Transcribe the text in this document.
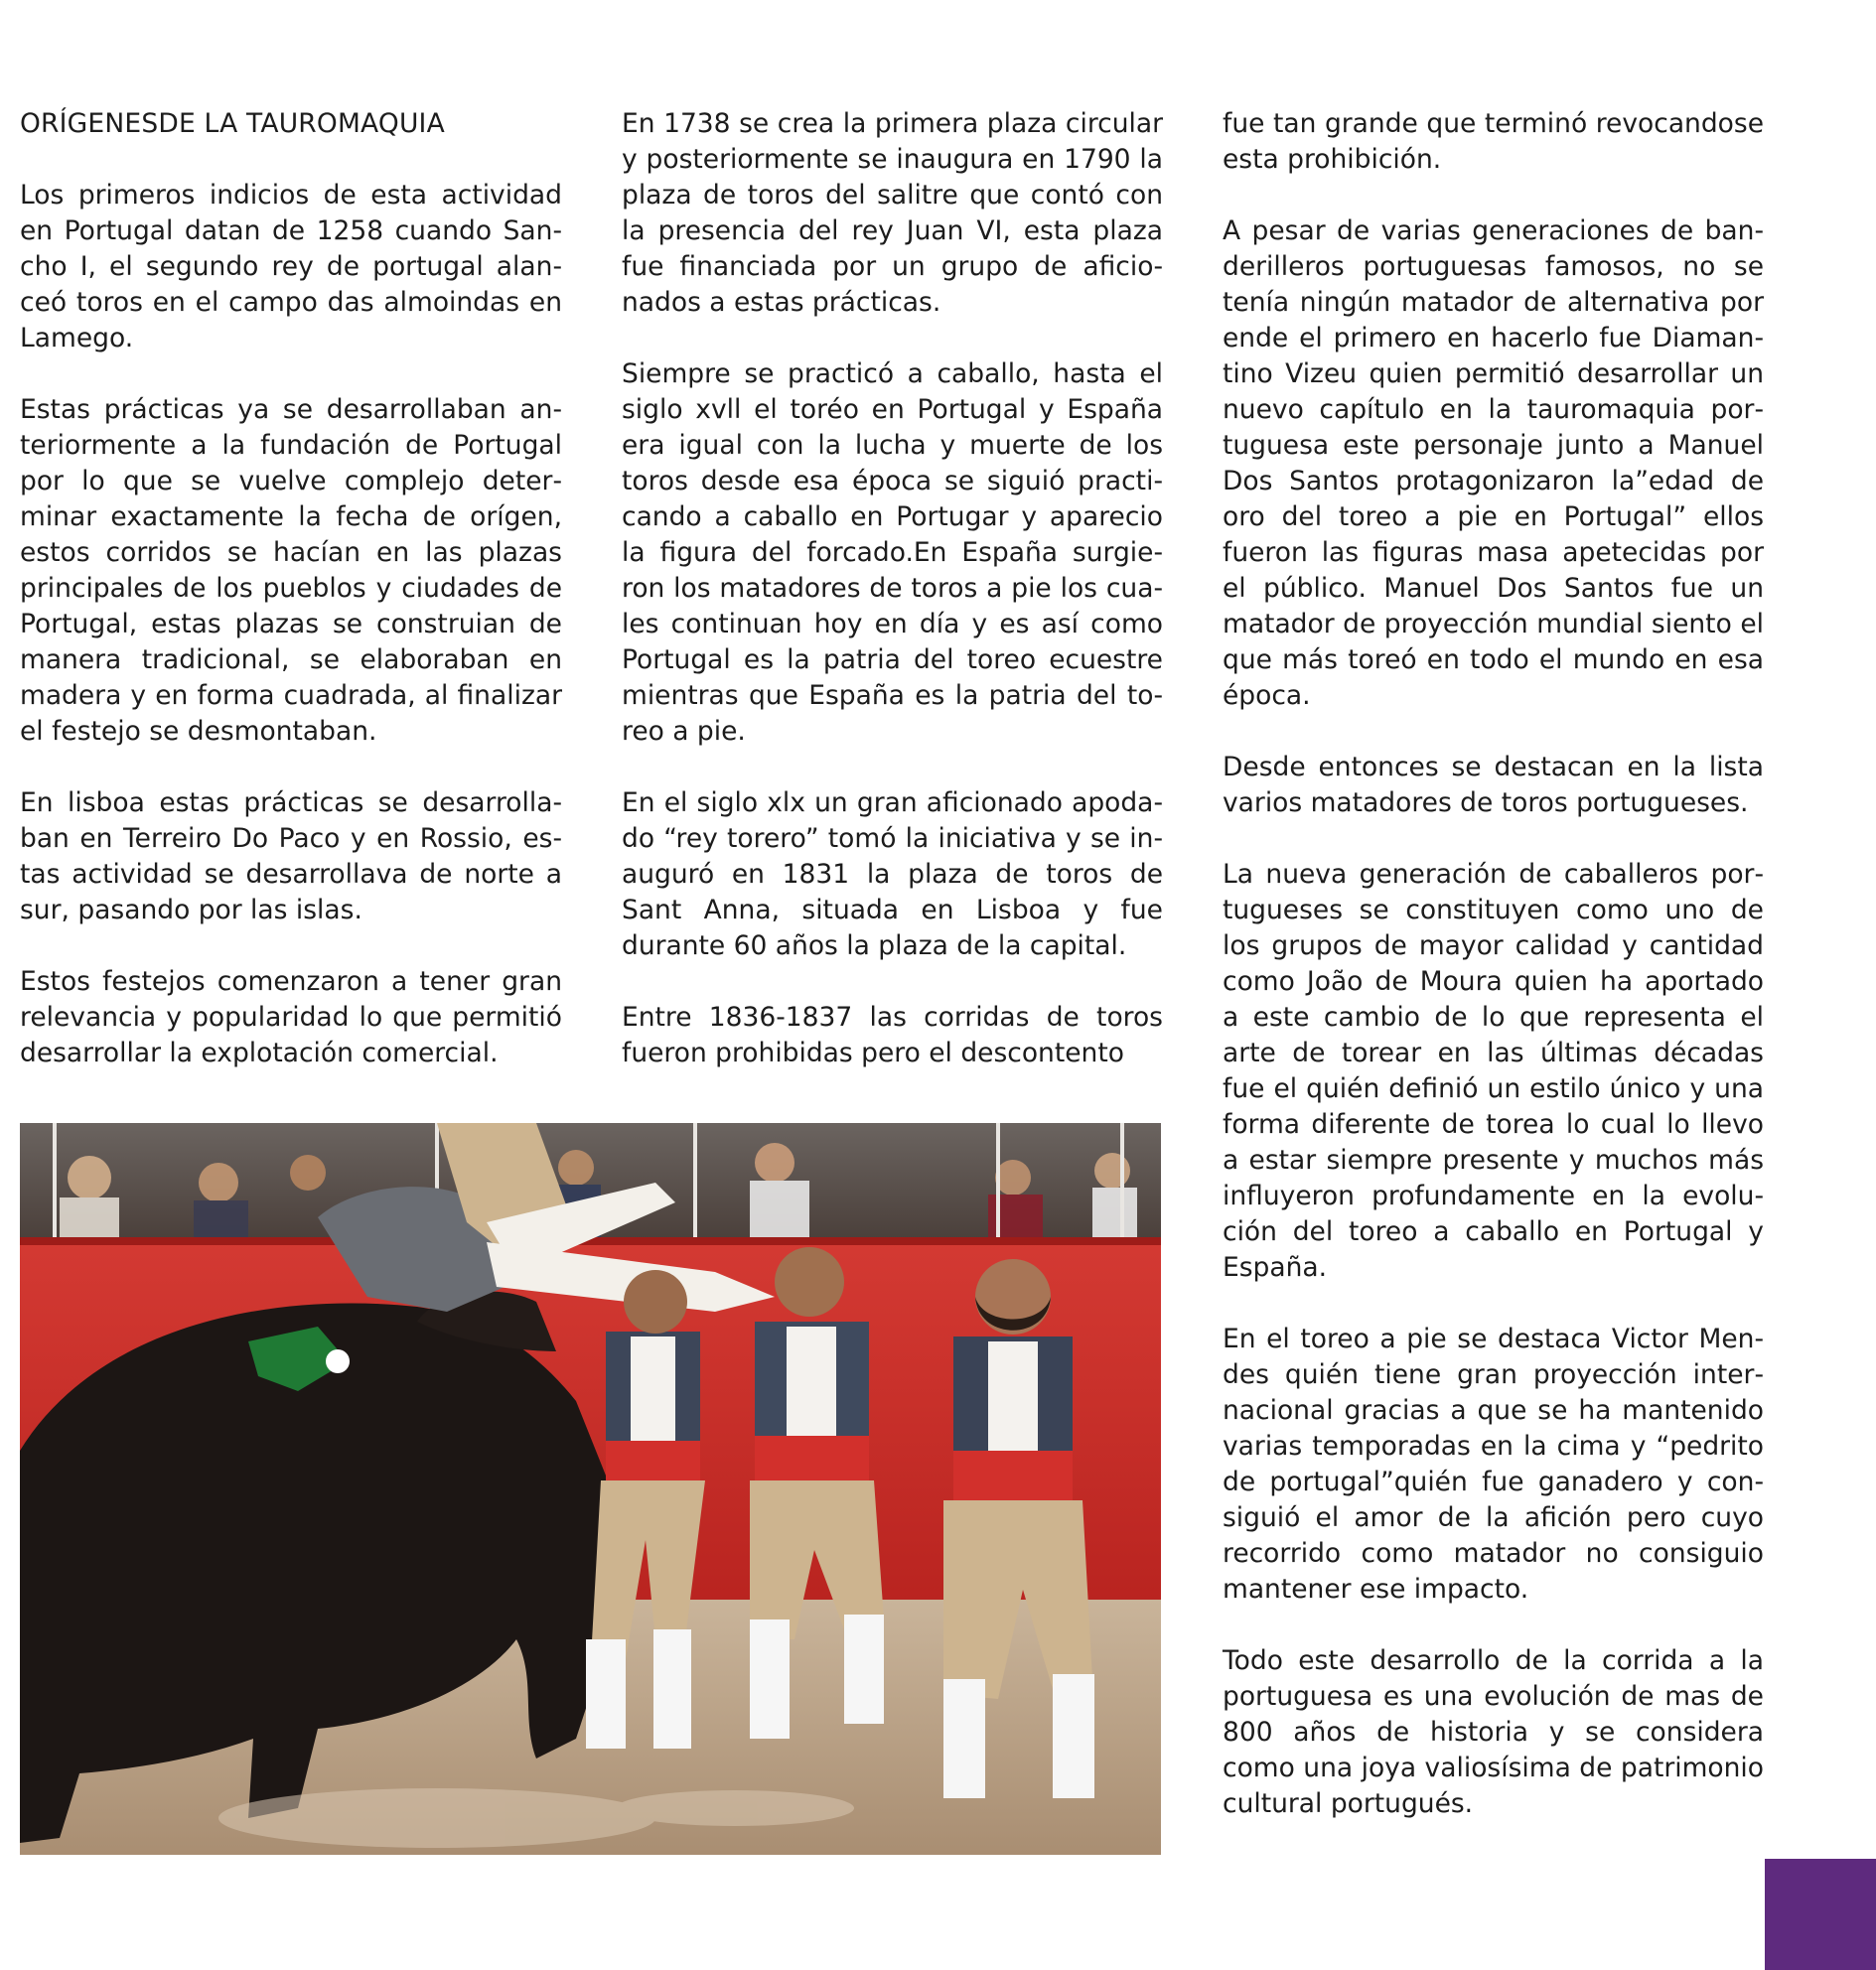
ORÍGENESDE LA TAUROMAQUIA

Los primeros indicios de esta actividad en Portugal datan de 1258 cuando Sancho I, el segundo rey de portugal alanceó toros en el campo das almoindas en Lamego.

Estas prácticas ya se desarrollaban anteriormente a la fundación de Portugal por lo que se vuelve complejo determinar exactamente la fecha de orígen, estos corridos se hacían en las plazas principales de los pueblos y ciudades de Portugal, estas plazas se construian de manera tradicional, se elaboraban en madera y en forma cuadrada, al finalizar el festejo se desmontaban.

En lisboa estas prácticas se desarrollaban en Terreiro Do Paco y en Rossio, estas actividad se desarrollava de norte a sur, pasando por las islas.

Estos festejos comenzaron a tener gran relevancia y popularidad lo que permitió desarrollar la explotación comercial.

En 1738 se crea la primera plaza circular y posteriormente se inaugura en 1790 la plaza de toros del salitre que contó con la presencia del rey Juan VI, esta plaza fue financiada por un grupo de aficionados a estas prácticas.

Siempre se practicó a caballo, hasta el siglo xvll el toréo en Portugal y España era igual con la lucha y muerte de los toros desde esa época se siguió practicando a caballo en Portugar y aparecio la figura del forcado.En España surgieron los matadores de toros a pie los cuales continuan hoy en día y es así como Portugal es la patria del toreo ecuestre mientras que España es la patria del toreo a pie.

En el siglo xlx un gran aficionado apodado “rey torero” tomó la iniciativa y se inauguró en 1831 la plaza de toros de Sant Anna, situada en Lisboa y fue durante 60 años la plaza de la capital.

Entre 1836-1837 las corridas de toros fueron prohibidas pero el descontento

fue tan grande que terminó revocandose esta prohibición.

A pesar de varias generaciones de banderilleros portuguesas famosos, no se tenía ningún matador de alternativa por ende el primero en hacerlo fue Diamantino Vizeu quien permitió desarrollar un nuevo capítulo en la tauromaquia portuguesa este personaje junto a Manuel Dos Santos protagonizaron la”edad de oro del toreo a pie en Portugal” ellos fueron las figuras masa apetecidas por el público. Manuel Dos Santos fue un matador de proyección mundial siento el que más toreó en todo el mundo en esa época.

Desde entonces se destacan en la lista varios matadores de toros portugueses.

La nueva generación de caballeros portugueses se constituyen como uno de los grupos de mayor calidad y cantidad como João de Moura quien ha aportado a este cambio de lo que representa el arte de torear en las últimas décadas fue el quién definió un estilo único y una forma diferente de torea lo cual lo llevo a estar siempre presente y muchos más influyeron profundamente en la evolución del toreo a caballo en Portugal y España.

En el toreo a pie se destaca Victor Mendes quién tiene gran proyección internacional gracias a que se ha mantenido varias temporadas en la cima y “pedrito de portugal”quién fue ganadero y consiguió el amor de la afición pero cuyo recorrido como matador no consiguio mantener ese impacto.

Todo este desarrollo de la corrida a la portuguesa es una evolución de mas de 800 años de historia y se considera como una joya valiosísima de patrimonio cultural portugués.
